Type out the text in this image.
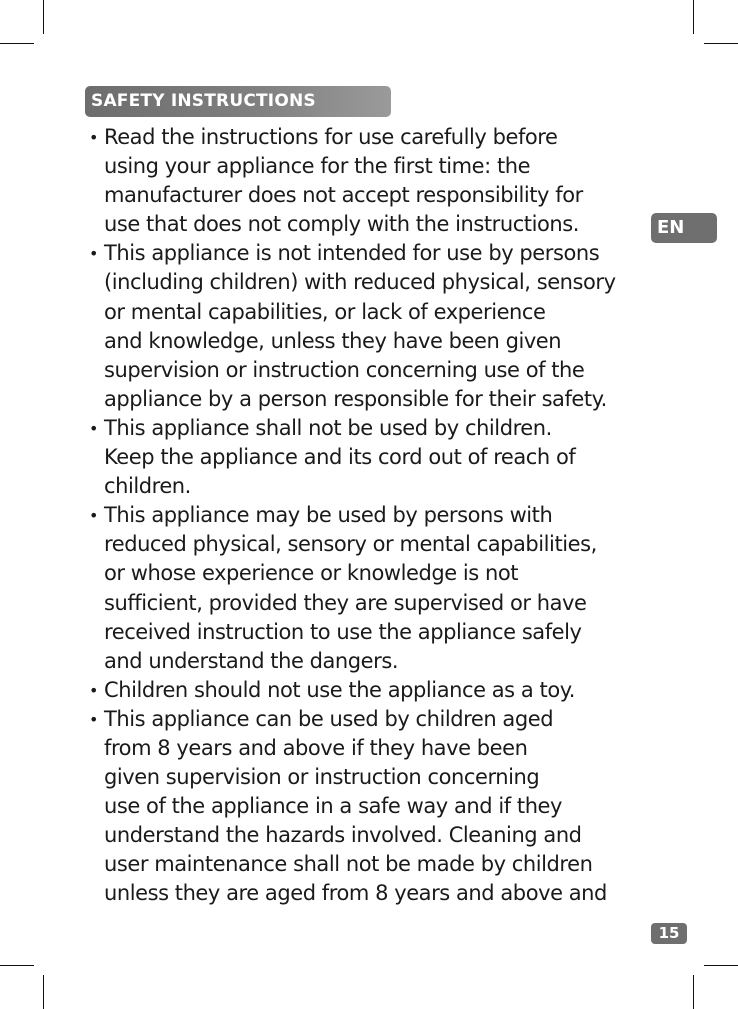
SAFETY INSTRUCTIONS
EN
• Read the instructions for use carefully before
using your appliance for the first time: the
manufacturer does not accept responsibility for
use that does not comply with the instructions.
• This appliance is not intended for use by persons
(including children) with reduced physical, sensory
or mental capabilities, or lack of experience
and knowledge, unless they have been given
supervision or instruction concerning use of the
appliance by a person responsible for their safety.
• This appliance shall not be used by children.
Keep the appliance and its cord out of reach of
children.
• This appliance may be used by persons with
reduced physical, sensory or mental capabilities,
or whose experience or knowledge is not
sufficient, provided they are supervised or have
received instruction to use the appliance safely
and understand the dangers.
• Children should not use the appliance as a toy.
• This appliance can be used by children aged
from 8 years and above if they have been
given supervision or instruction concerning
use of the appliance in a safe way and if they
understand the hazards involved. Cleaning and
user maintenance shall not be made by children
unless they are aged from 8 years and above and
15
